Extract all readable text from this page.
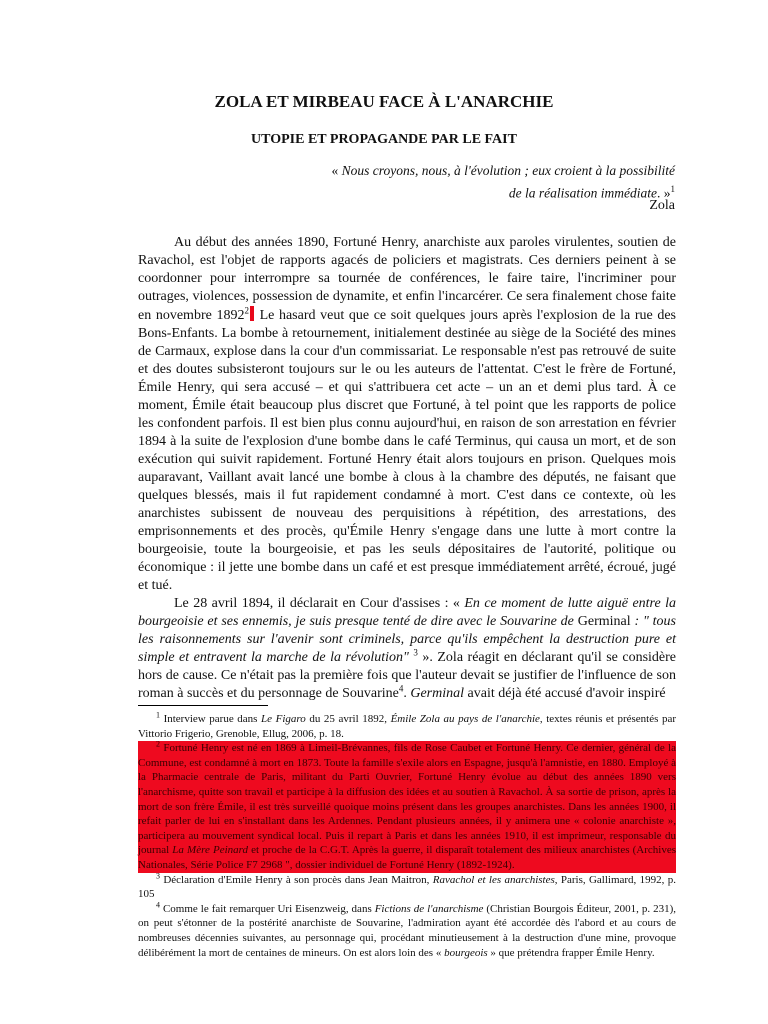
ZOLA ET MIRBEAU FACE À L'ANARCHIE
UTOPIE ET PROPAGANDE PAR LE FAIT
« Nous croyons, nous, à l'évolution ; eux croient à la possibilité
de la réalisation immédiate. »$^1$
Zola

Au début des années 1890, Fortuné Henry, anarchiste aux paroles virulentes, soutien de Ravachol, est l'objet de rapports agacés de policiers et magistrats. Ces derniers peinent à se coordonner pour interrompre sa tournée de conférences, le faire taire, l'incriminer pour outrages, violences, possession de dynamite, et enfin l'incarcérer. Ce sera finalement chose faite en novembre 1892$^2$ Le hasard veut que ce soit quelques jours après l'explosion de la rue des Bons-Enfants. La bombe à retournement, initialement destinée au siège de la Société des mines de Carmaux, explose dans la cour d'un commissariat. Le responsable n'est pas retrouvé de suite et des doutes subsisteront toujours sur le ou les auteurs de l'attentat. C'est le frère de Fortuné, Émile Henry, qui sera accusé – et qui s'attribuera cet acte – un an et demi plus tard. À ce moment, Émile était beaucoup plus discret que Fortuné, à tel point que les rapports de police les confondent parfois. Il est bien plus connu aujourd'hui, en raison de son arrestation en février 1894 à la suite de l'explosion d'une bombe dans le café Terminus, qui causa un mort, et de son exécution qui suivit rapidement. Fortuné Henry était alors toujours en prison. Quelques mois auparavant, Vaillant avait lancé une bombe à clous à la chambre des députés, ne faisant que quelques blessés, mais il fut rapidement condamné à mort. C'est dans ce contexte, où les anarchistes subissent de nouveau des perquisitions à répétition, des arrestations, des emprisonnements et des procès, qu'Émile Henry s'engage dans une lutte à mort contre la bourgeoisie, toute la bourgeoisie, et pas les seuls dépositaires de l'autorité, politique ou économique : il jette une bombe dans un café et est presque immédiatement arrêté, écroué, jugé et tué.

Le 28 avril 1894, il déclarait en Cour d'assises : « En ce moment de lutte aiguë entre la bourgeoisie et ses ennemis, je suis presque tenté de dire avec le Souvarine de Germinal : " tous les raisonnements sur l'avenir sont criminels, parce qu'ils empêchent la destruction pure et simple et entravent la marche de la révolution" $^3$ ». Zola réagit en déclarant qu'il se considère hors de cause. Ce n'était pas la première fois que l'auteur devait se justifier de l'influence de son roman à succès et du personnage de Souvarine$^4$. Germinal avait déjà été accusé d'avoir inspiré

$^1$ Interview parue dans Le Figaro du 25 avril 1892, Émile Zola au pays de l'anarchie, textes réunis et présentés par Vittorio Frigerio, Grenoble, Ellug, 2006, p. 18.

$^2$ Fortuné Henry est né en 1869 à Limeil-Brévannes, fils de Rose Caubet et Fortuné Henry. Ce dernier, général de la Commune, est condamné à mort en 1873. Toute la famille s'exile alors en Espagne, jusqu'à l'amnistie, en 1880. Employé à la Pharmacie centrale de Paris, militant du Parti Ouvrier, Fortuné Henry évolue au début des années 1890 vers l'anarchisme, quitte son travail et participe à la diffusion des idées et au soutien à Ravachol. À sa sortie de prison, après la mort de son frère Émile, il est très surveillé quoique moins présent dans les groupes anarchistes. Dans les années 1900, il refait parler de lui en s'installant dans les Ardennes. Pendant plusieurs années, il y animera une « colonie anarchiste », participera au mouvement syndical local. Puis il repart à Paris et dans les années 1910, il est imprimeur, responsable du journal La Mère Peinard et proche de la C.G.T. Après la guerre, il disparaît totalement des milieux anarchistes (Archives Nationales, Série Police F7 2968 ", dossier individuel de Fortuné Henry (1892-1924).

$^3$ Déclaration d'Emile Henry à son procès dans Jean Maitron, Ravachol et les anarchistes, Paris, Gallimard, 1992, p. 105

$^4$ Comme le fait remarquer Uri Eisenzweig, dans Fictions de l'anarchisme (Christian Bourgois Éditeur, 2001, p. 231), on peut s'étonner de la postérité anarchiste de Souvarine, l'admiration ayant été accordée dès l'abord et au cours de nombreuses décennies suivantes, au personnage qui, procédant minutieusement à la destruction d'une mine, provoque délibérément la mort de centaines de mineurs. On est alors loin des « bourgeois » que prétendra frapper Émile Henry.
